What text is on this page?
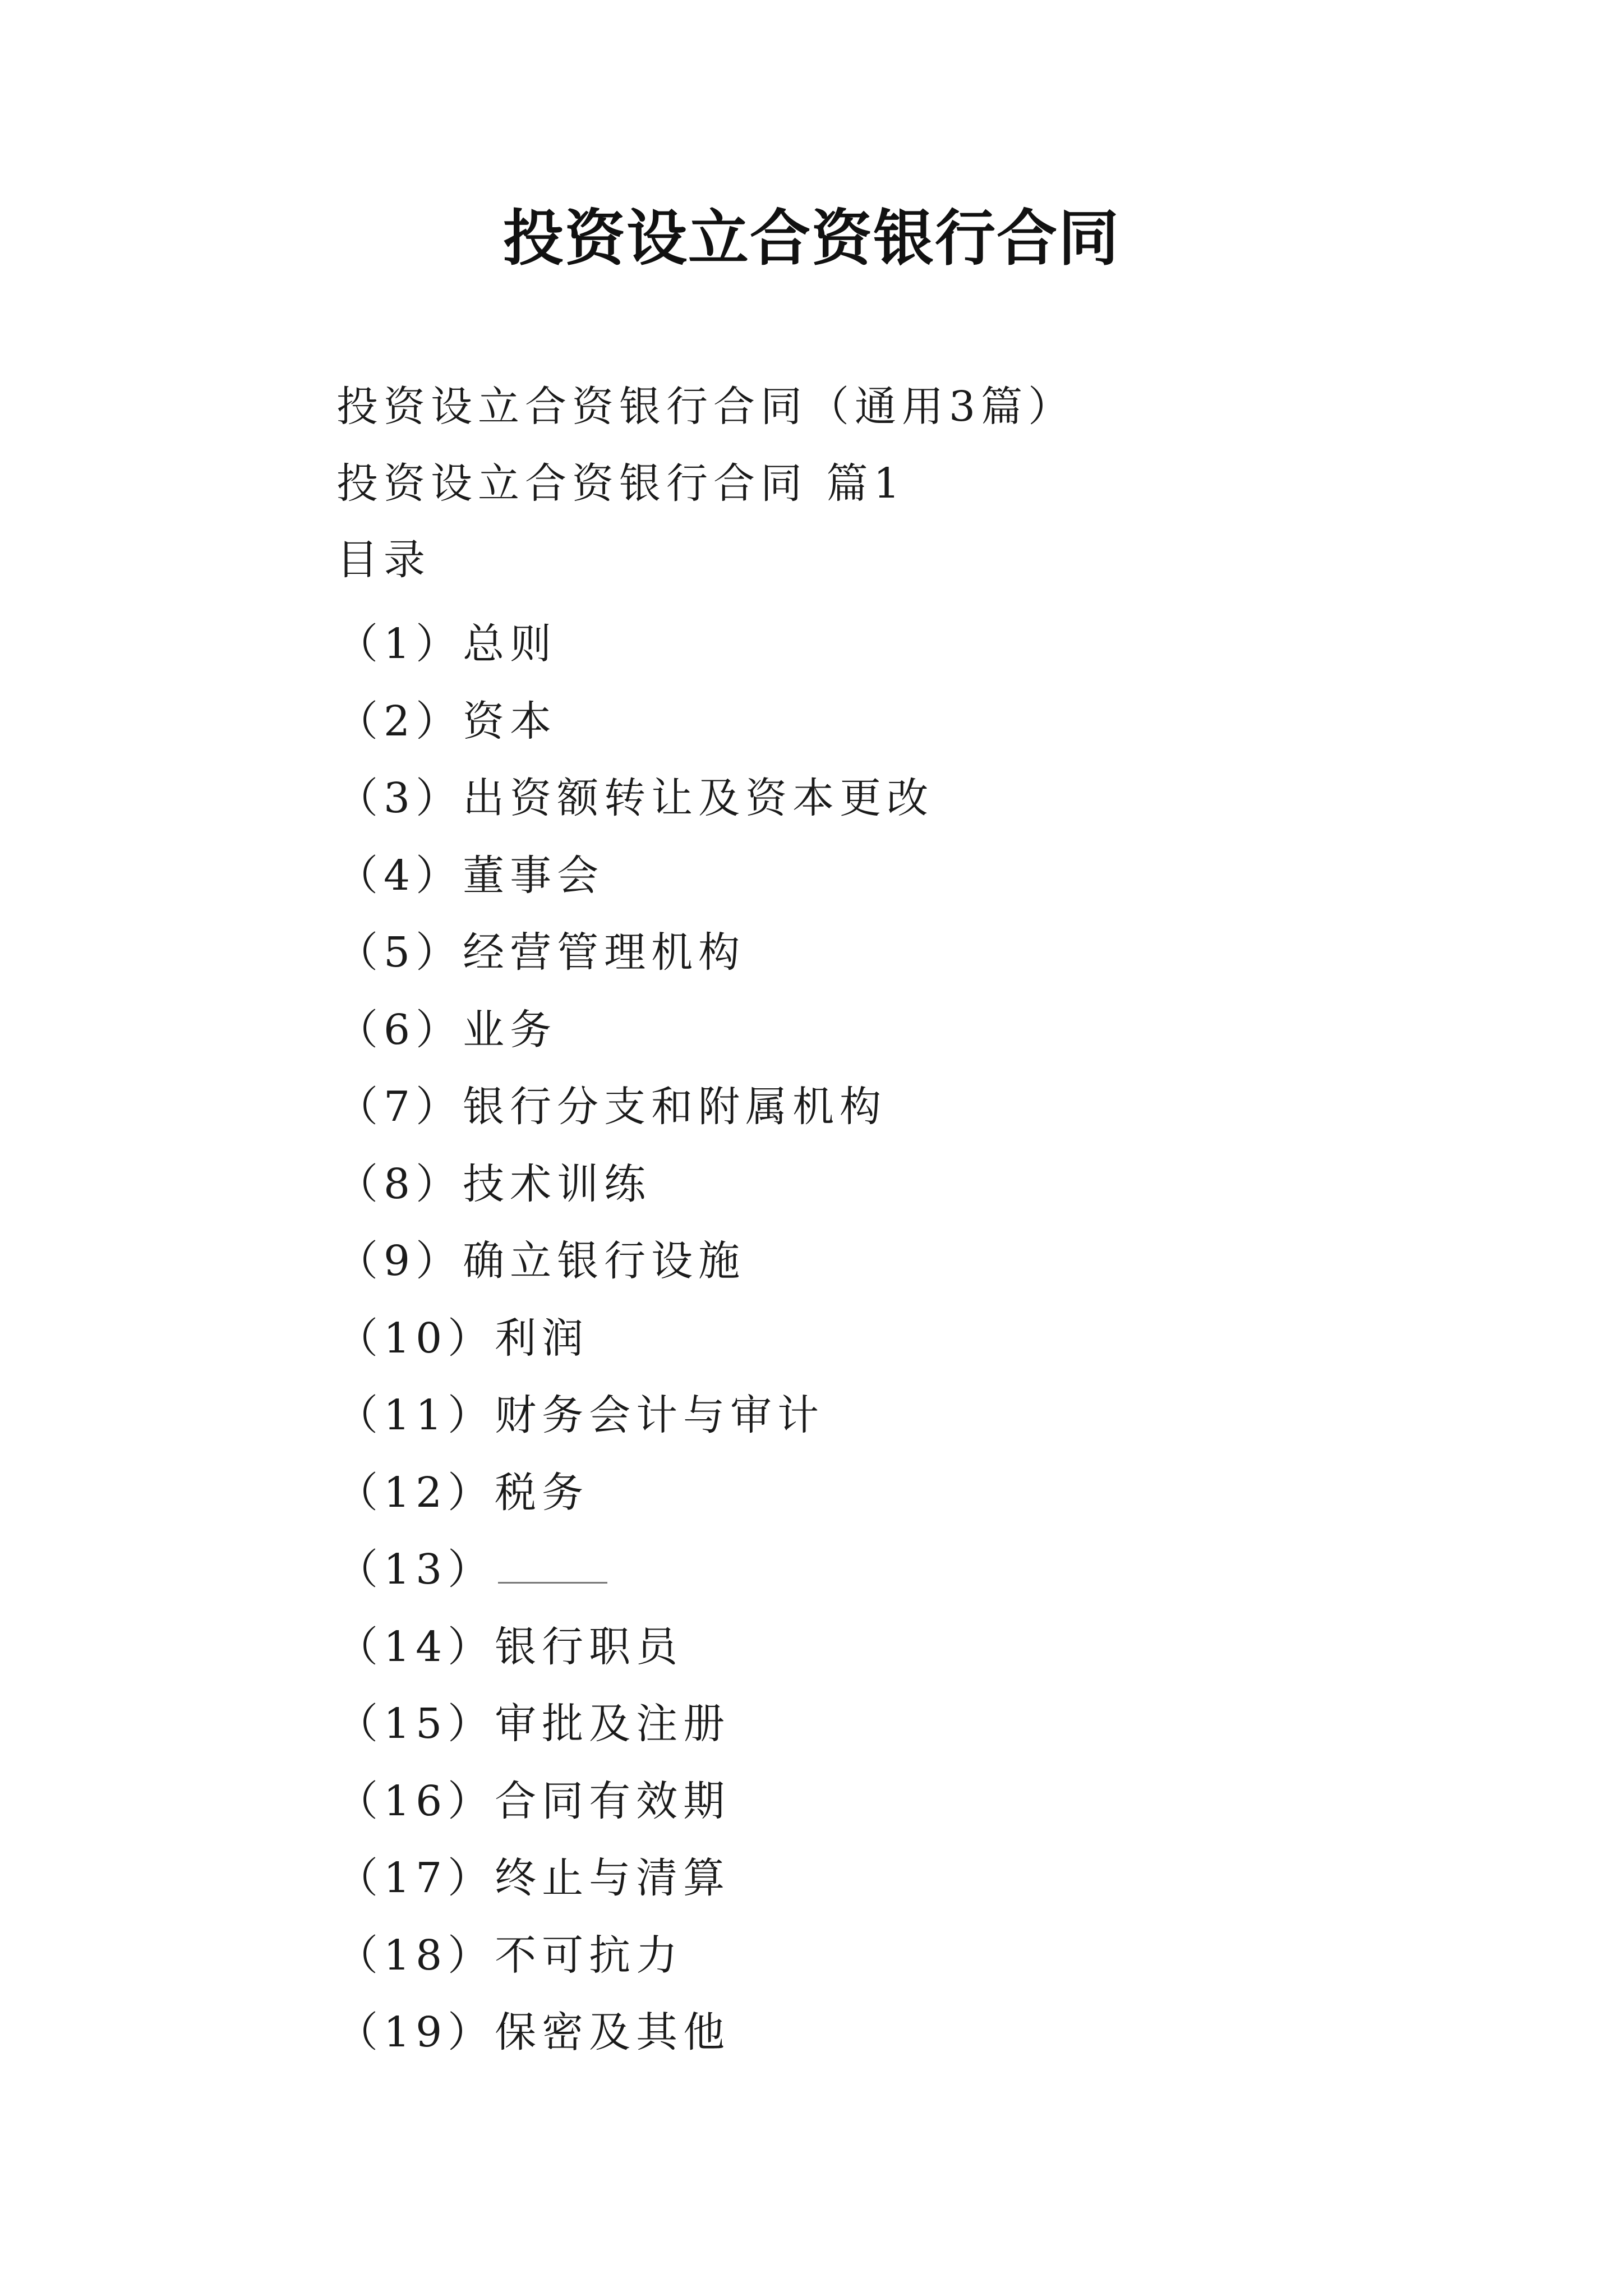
投资设立合资银行合同
投资设立合资银行合同（通用3篇）
投资设立合资银行合同 篇1
目录
（1）总则
（2）资本
（3）出资额转让及资本更改
（4）董事会
（5）经营管理机构
（6）业务
（7）银行分支和附属机构
（8）技术训练
（9）确立银行设施
（10）利润
（11）财务会计与审计
（12）税务
（13）
（14）银行职员
（15）审批及注册
（16）合同有效期
（17）终止与清算
（18）不可抗力
（19）保密及其他
